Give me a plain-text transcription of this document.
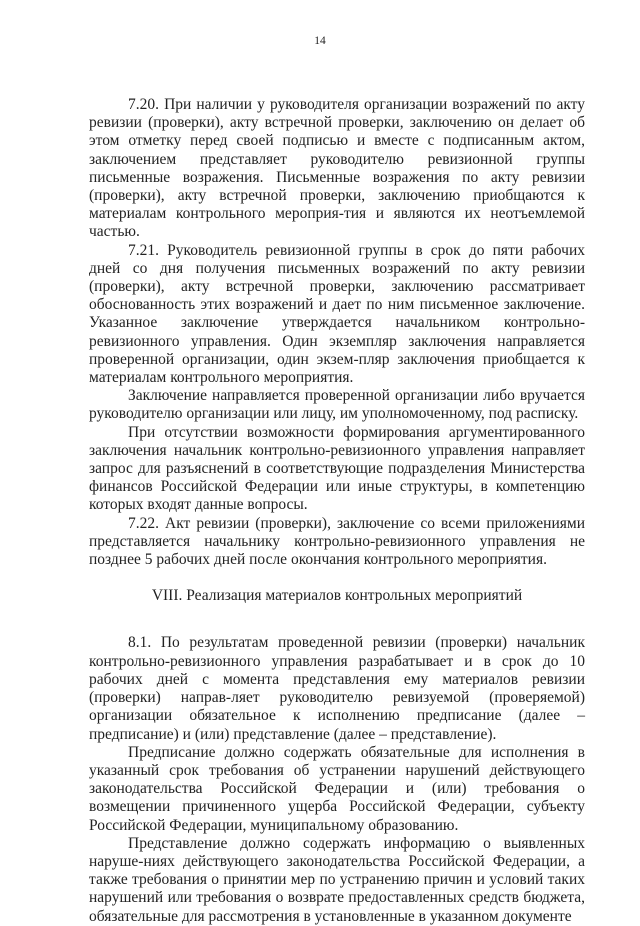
14

7.20. При наличии у руководителя организации возражений по акту ревизии (проверки), акту встречной проверки, заключению он делает об этом отметку перед своей подписью и вместе с подписанным актом, заключением представляет руководителю ревизионной группы письменные возражения. Письменные возражения по акту ревизии (проверки), акту встречной проверки, заключению приобщаются к материалам контрольного мероприя-тия и являются их неотъемлемой частью.

7.21. Руководитель ревизионной группы в срок до пяти рабочих дней со дня получения письменных возражений по акту ревизии (проверки), акту встречной проверки, заключению рассматривает обоснованность этих возражений и дает по ним письменное заключение. Указанное заключение утверждается начальником контрольно-ревизионного управления. Один экземпляр заключения направляется проверенной организации, один экзем-пляр заключения приобщается к материалам контрольного мероприятия.

Заключение направляется проверенной организации либо вручается руководителю организации или лицу, им уполномоченному, под расписку.

При отсутствии возможности формирования аргументированного заключения начальник контрольно-ревизионного управления направляет запрос для разъяснений в соответствующие подразделения Министерства финансов Российской Федерации или иные структуры, в компетенцию которых входят данные вопросы.

7.22. Акт ревизии (проверки), заключение со всеми приложениями представляется начальнику контрольно-ревизионного управления не позднее 5 рабочих дней после окончания контрольного мероприятия.

VIII. Реализация материалов контрольных мероприятий

8.1. По результатам проведенной ревизии (проверки) начальник контрольно-ревизионного управления разрабатывает и в срок до 10 рабочих дней с момента представления ему материалов ревизии (проверки) направ-ляет руководителю ревизуемой (проверяемой) организации обязательное к исполнению предписание (далее – предписание) и (или) представление (далее – представление).

Предписание должно содержать обязательные для исполнения в указанный срок требования об устранении нарушений действующего законодательства Российской Федерации и (или) требования о возмещении причиненного ущерба Российской Федерации, субъекту Российской Федерации, муниципальному образованию.

Представление должно содержать информацию о выявленных наруше-ниях действующего законодательства Российской Федерации, а также требования о принятии мер по устранению причин и условий таких нарушений или требования о возврате предоставленных средств бюджета, обязательные для рассмотрения в установленные в указанном документе
